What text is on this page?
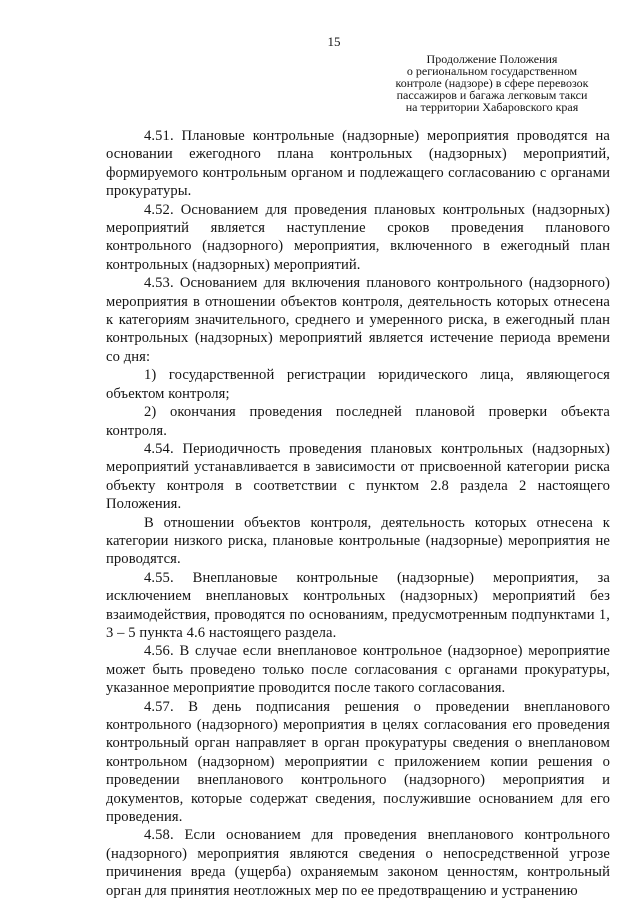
15
Продолжение Положения
о региональном государственном
контроле (надзоре) в сфере перевозок
пассажиров и багажа легковым такси
на территории Хабаровского края

4.51. Плановые контрольные (надзорные) мероприятия проводятся на основании ежегодного плана контрольных (надзорных) мероприятий, формируемого контрольным органом и подлежащего согласованию с органами прокуратуры.

4.52. Основанием для проведения плановых контрольных (надзорных) мероприятий является наступление сроков проведения планового контрольного (надзорного) мероприятия, включенного в ежегодный план контрольных (надзорных) мероприятий.

4.53. Основанием для включения планового контрольного (надзорного) мероприятия в отношении объектов контроля, деятельность которых отнесена к категориям значительного, среднего и умеренного риска, в ежегодный план контрольных (надзорных) мероприятий является истечение периода времени со дня:

1) государственной регистрации юридического лица, являющегося объектом контроля;

2) окончания проведения последней плановой проверки объекта контроля.

4.54. Периодичность проведения плановых контрольных (надзорных) мероприятий устанавливается в зависимости от присвоенной категории риска объекту контроля в соответствии с пунктом 2.8 раздела 2 настоящего Положения.

В отношении объектов контроля, деятельность которых отнесена к категории низкого риска, плановые контрольные (надзорные) мероприятия не проводятся.

4.55. Внеплановые контрольные (надзорные) мероприятия, за исключением внеплановых контрольных (надзорных) мероприятий без взаимодействия, проводятся по основаниям, предусмотренным подпунктами 1, 3 – 5 пункта 4.6 настоящего раздела.

4.56. В случае если внеплановое контрольное (надзорное) мероприятие может быть проведено только после согласования с органами прокуратуры, указанное мероприятие проводится после такого согласования.

4.57. В день подписания решения о проведении внепланового контрольного (надзорного) мероприятия в целях согласования его проведения контрольный орган направляет в орган прокуратуры сведения о внеплановом контрольном (надзорном) мероприятии с приложением копии решения о проведении внепланового контрольного (надзорного) мероприятия и документов, которые содержат сведения, послужившие основанием для его проведения.

4.58. Если основанием для проведения внепланового контрольного (надзорного) мероприятия являются сведения о непосредственной угрозе причинения вреда (ущерба) охраняемым законом ценностям, контрольный орган для принятия неотложных мер по ее предотвращению и устранению
